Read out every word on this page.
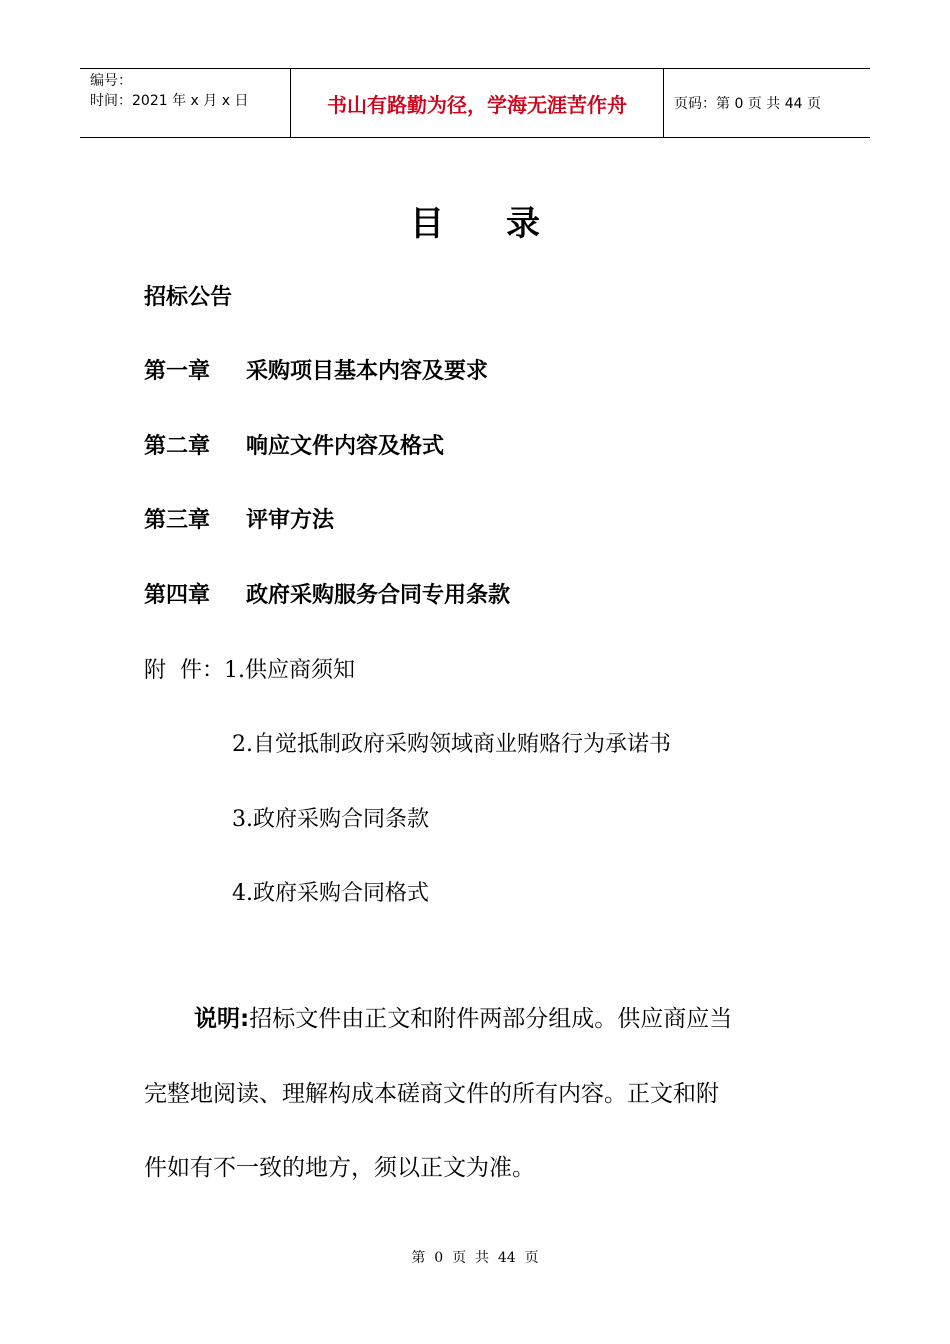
编号：
时间：2021 年 x 月 x 日	书山有路勤为径，学海无涯苦作舟	页码：第 0 页 共 44 页
目 录
招标公告
第一章 采购项目基本内容及要求
第二章 响应文件内容及格式
第三章 评审方法
第四章 政府采购服务合同专用条款
附  件：1.供应商须知
2.自觉抵制政府采购领域商业贿赂行为承诺书
3.政府采购合同条款
4.政府采购合同格式
说明:招标文件由正文和附件两部分组成。供应商应当
完整地阅读、理解构成本磋商文件的所有内容。正文和附
件如有不一致的地方，须以正文为准。
第  0  页  共  44  页
